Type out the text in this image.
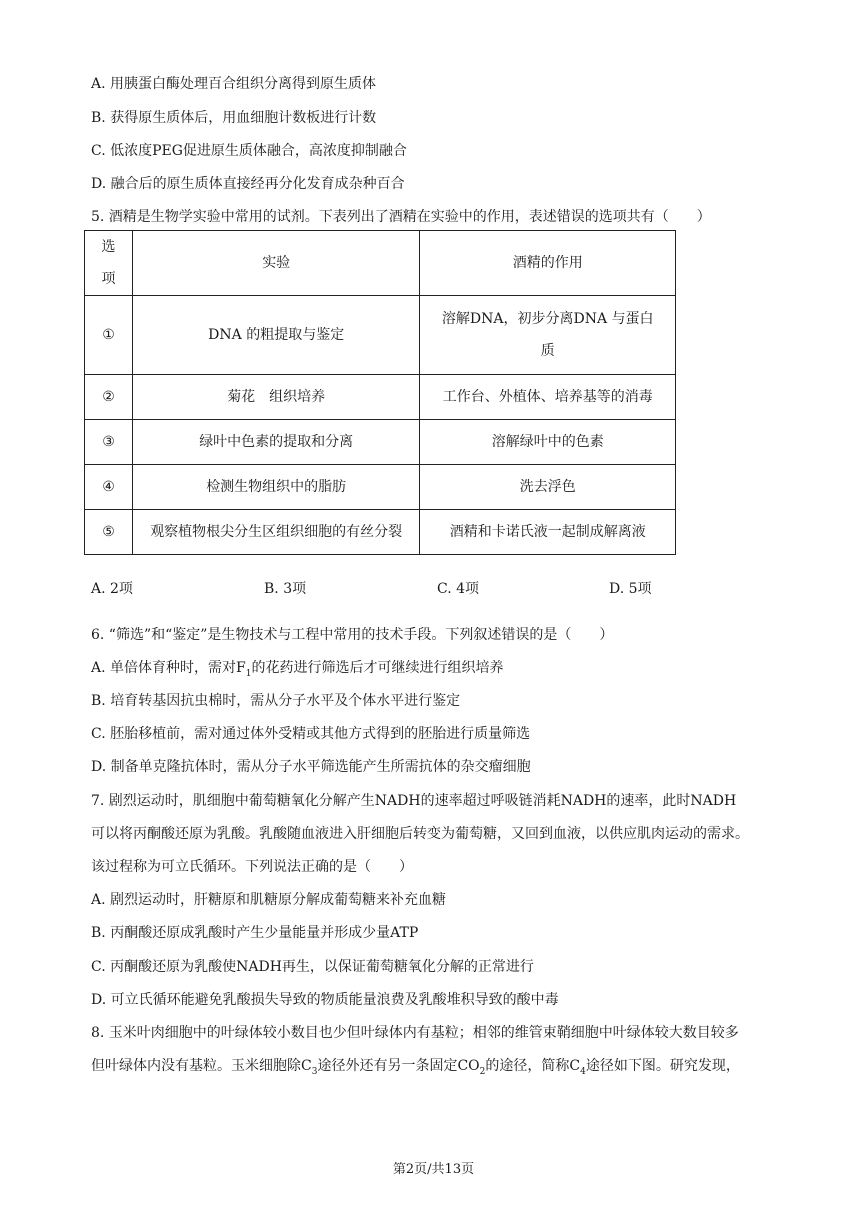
A. 用胰蛋白酶处理百合组织分离得到原生质体
B. 获得原生质体后，用血细胞计数板进行计数
C. 低浓度PEG促进原生质体融合，高浓度抑制融合
D. 融合后的原生质体直接经再分化发育成杂种百合
5. 酒精是生物学实验中常用的试剂。下表列出了酒精在实验中的作用，表述错误的选项共有（　　）
选项	实验	酒精的作用
①	DNA 的粗提取与鉴定	溶解DNA，初步分离DNA 与蛋白
质

②	菊花　组织培养	工作台、外植体、培养基等的消毒
③	绿叶中色素的提取和分离	溶解绿叶中的色素
④	检测生物组织中的脂肪	洗去浮色
⑤	观察植物根尖分生区组织细胞的有丝分裂	酒精和卡诺氏液一起制成解离液
A. 2项	B. 3项	C. 4项	D. 5项
6. “筛选”和“鉴定”是生物技术与工程中常用的技术手段。下列叙述错误的是（　　）
A. 单倍体育种时，需对$F_1$的花药进行筛选后才可继续进行组织培养
B. 培育转基因抗虫棉时，需从分子水平及个体水平进行鉴定
C. 胚胎移植前，需对通过体外受精或其他方式得到的胚胎进行质量筛选
D. 制备单克隆抗体时，需从分子水平筛选能产生所需抗体的杂交瘤细胞
7. 剧烈运动时，肌细胞中葡萄糖氧化分解产生NADH的速率超过呼吸链消耗NADH的速率，此时NADH
可以将丙酮酸还原为乳酸。乳酸随血液进入肝细胞后转变为葡萄糖，又回到血液，以供应肌肉运动的需求。
该过程称为可立氏循环。下列说法正确的是（　　）
A. 剧烈运动时，肝糖原和肌糖原分解成葡萄糖来补充血糖
B. 丙酮酸还原成乳酸时产生少量能量并形成少量ATP
C. 丙酮酸还原为乳酸使NADH再生，以保证葡萄糖氧化分解的正常进行
D. 可立氏循环能避免乳酸损失导致的物质能量浪费及乳酸堆积导致的酸中毒
8. 玉米叶肉细胞中的叶绿体较小数目也少但叶绿体内有基粒；相邻的维管束鞘细胞中叶绿体较大数目较多
但叶绿体内没有基粒。玉米细胞除$C_3$途径外还有另一条固定$CO_2$的途径，简称$C_4$途径如下图。研究发现，
第2页/共13页
